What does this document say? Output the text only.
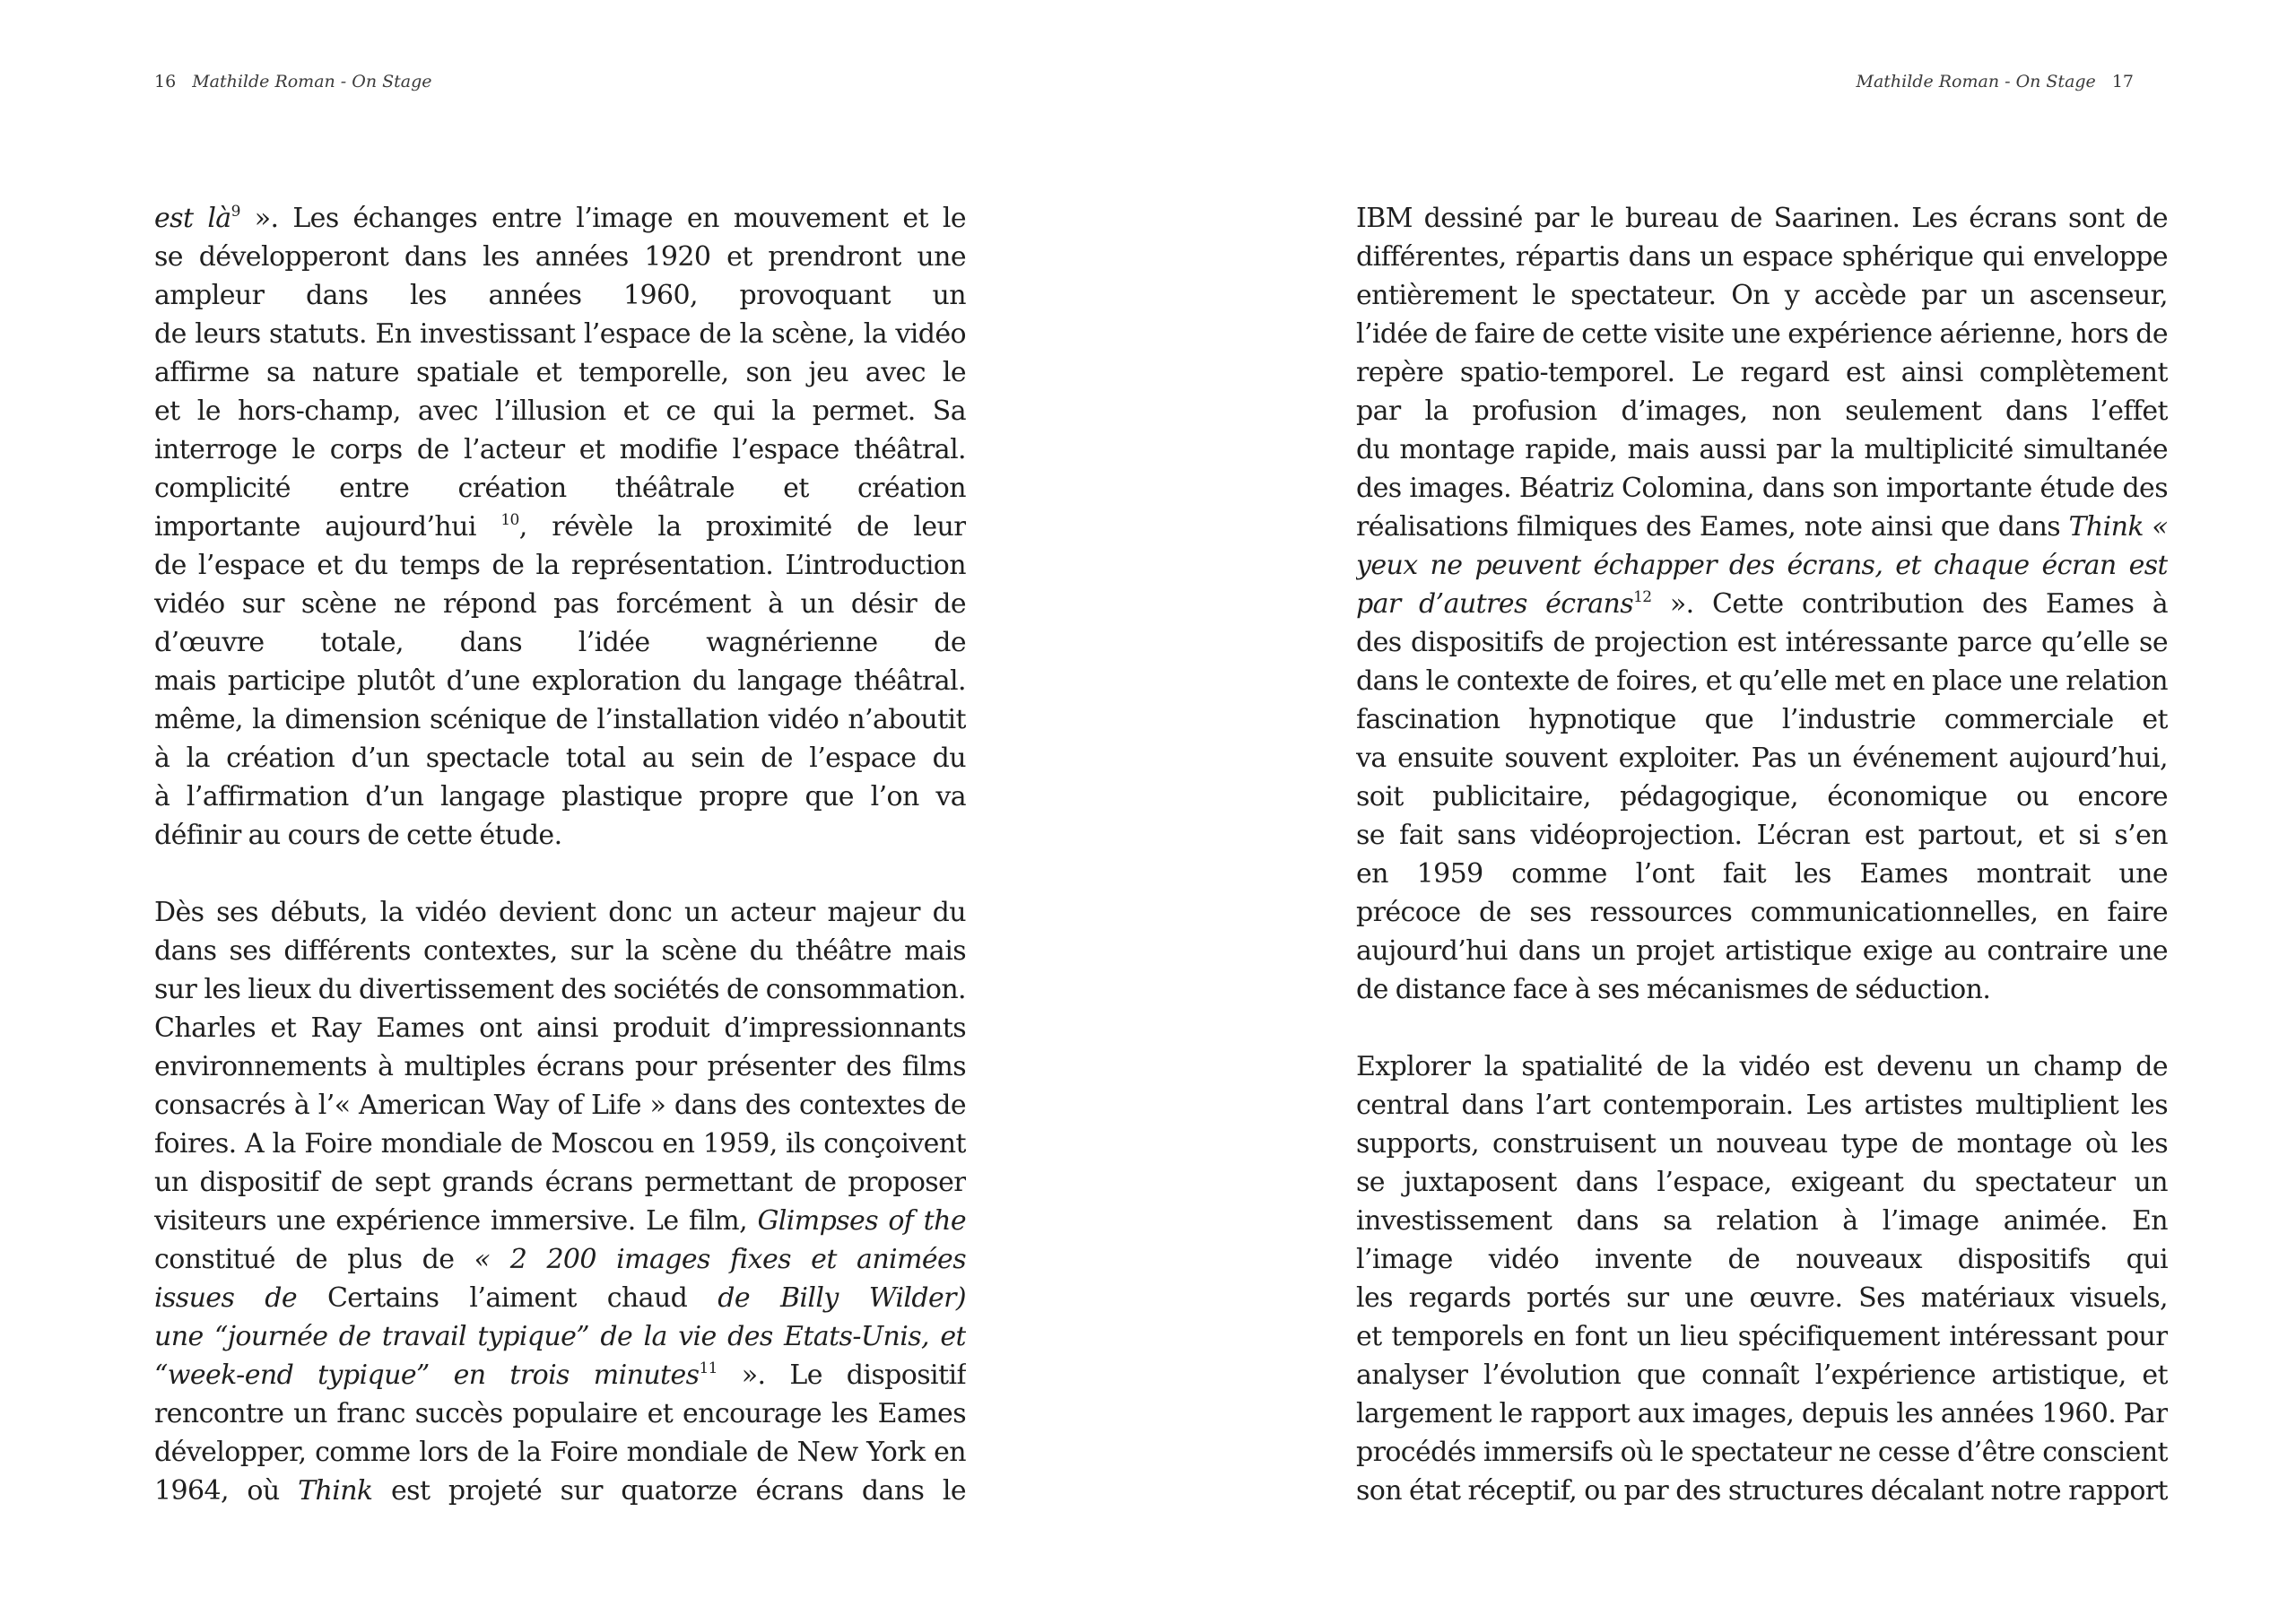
16 Mathilde Roman - On Stage
est $là^9$ ». Les échanges entre l’image en mouvement et le
se développeront dans les années 1920 et prendront une
ampleur dans les années 1960, provoquant un
de leurs statuts. En investissant l’espace de la scène, la vidéo
affirme sa nature spatiale et temporelle, son jeu avec le
et le hors-champ, avec l’illusion et ce qui la permet. Sa
interroge le corps de l’acteur et modifie l’espace théâtral.
complicité entre création théâtrale et création
importante aujourd’hui $^{10}$, révèle la proximité de leur
de l’espace et du temps de la représentation. L’introduction
vidéo sur scène ne répond pas forcément à un désir de
d’œuvre totale, dans l’idée wagnérienne de
mais participe plutôt d’une exploration du langage théâtral.
même, la dimension scénique de l’installation vidéo n’aboutit
à la création d’un spectacle total au sein de l’espace du
à l’affirmation d’un langage plastique propre que l’on va
définir au cours de cette étude.
Dès ses débuts, la vidéo devient donc un acteur majeur du
dans ses différents contextes, sur la scène du théâtre mais
sur les lieux du divertissement des sociétés de consommation.
Charles et Ray Eames ont ainsi produit d’impressionnants
environnements à multiples écrans pour présenter des films
consacrés à l’« American Way of Life » dans des contextes de
foires. A la Foire mondiale de Moscou en 1959, ils conçoivent
un dispositif de sept grands écrans permettant de proposer
visiteurs une expérience immersive. Le film, Glimpses of the
constitué de plus de « 2 200 images fixes et animées
issues de Certains l’aiment chaud de Billy Wilder)
une “journée de travail typique” de la vie des Etats-Unis, et
“week-end typique” en trois minutes$^{11}$ ». Le dispositif
rencontre un franc succès populaire et encourage les Eames
développer, comme lors de la Foire mondiale de New York en
1964, où Think est projeté sur quatorze écrans dans le
Mathilde Roman - On Stage 17
IBM dessiné par le bureau de Saarinen. Les écrans sont de
différentes, répartis dans un espace sphérique qui enveloppe
entièrement le spectateur. On y accède par un ascenseur,
l’idée de faire de cette visite une expérience aérienne, hors de
repère spatio-temporel. Le regard est ainsi complètement
par la profusion d’images, non seulement dans l’effet
du montage rapide, mais aussi par la multiplicité simultanée
des images. Béatriz Colomina, dans son importante étude des
réalisations filmiques des Eames, note ainsi que dans Think «
yeux ne peuvent échapper des écrans, et chaque écran est
par d’autres écrans$^{12}$ ». Cette contribution des Eames à
des dispositifs de projection est intéressante parce qu’elle se
dans le contexte de foires, et qu’elle met en place une relation
fascination hypnotique que l’industrie commerciale et
va ensuite souvent exploiter. Pas un événement aujourd’hui,
soit publicitaire, pédagogique, économique ou encore
se fait sans vidéoprojection. L’écran est partout, et si s’en
en 1959 comme l’ont fait les Eames montrait une
précoce de ses ressources communicationnelles, en faire
aujourd’hui dans un projet artistique exige au contraire une
de distance face à ses mécanismes de séduction.
Explorer la spatialité de la vidéo est devenu un champ de
central dans l’art contemporain. Les artistes multiplient les
supports, construisent un nouveau type de montage où les
se juxtaposent dans l’espace, exigeant du spectateur un
investissement dans sa relation à l’image animée. En
l’image vidéo invente de nouveaux dispositifs qui
les regards portés sur une œuvre. Ses matériaux visuels,
et temporels en font un lieu spécifiquement intéressant pour
analyser l’évolution que connaît l’expérience artistique, et
largement le rapport aux images, depuis les années 1960. Par
procédés immersifs où le spectateur ne cesse d’être conscient
son état réceptif, ou par des structures décalant notre rapport
